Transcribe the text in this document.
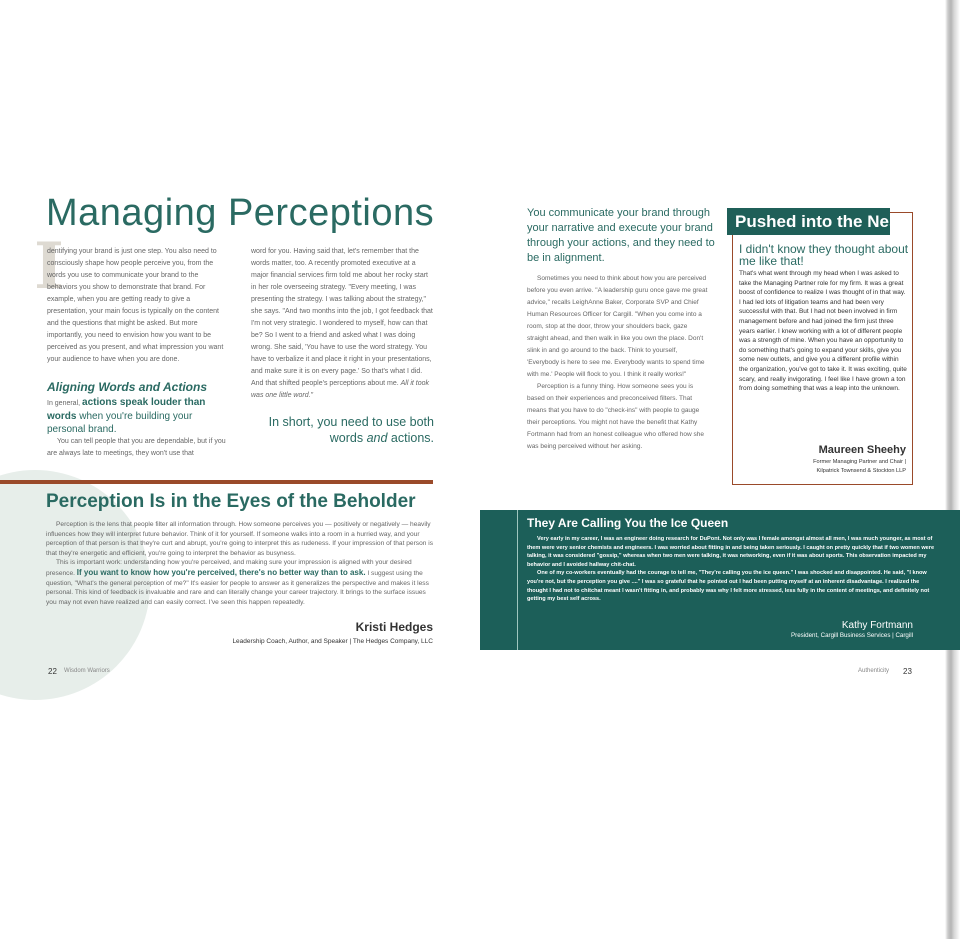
Managing Perceptions
I

dentifying your brand is just one step. You also need to consciously shape how people perceive you, from the words you use to communicate your brand to the behaviors you show to demonstrate that brand. For example, when you are getting ready to give a presentation, your main focus is typically on the content and the questions that might be asked. But more importantly, you need to envision how you want to be perceived as you present, and what impression you want your audience to have when you are done.

Aligning Words and Actions
In general, actions speak louder than
words when you're building your personal brand.

You can tell people that you are dependable, but if you are always late to meetings, they won't use that

word for you. Having said that, let's remember that the words matter, too. A recently promoted executive at a major financial services firm told me about her rocky start in her role overseeing strategy. "Every meeting, I was presenting the strategy. I was talking about the strategy," she says. "And two months into the job, I got feedback that I'm not very strategic. I wondered to myself, how can that be? So I went to a friend and asked what I was doing wrong. She said, 'You have to use the word strategy. You have to verbalize it and place it right in your presentations, and make sure it is on every page.' So that's what I did. And that shifted people's perceptions about me. All it took was one little word."

In short, you need to use both words and actions.
Perception Is in the Eyes of the Beholder

Perception is the lens that people filter all information through. How someone perceives you — positively or negatively — heavily influences how they will interpret future behavior. Think of it for yourself. If someone walks into a room in a hurried way, and your perception of that person is that they're curt and abrupt, you're going to interpret this as rudeness. If your impression of that person is that they're energetic and efficient, you're going to interpret the behavior as busyness.

This is important work: understanding how you're perceived, and making sure your impression is aligned with your desired presence. If you want to know how you're perceived, there's no better way than to ask. I suggest using the question, "What's the general perception of me?" It's easier for people to answer as it generalizes the perspective and makes it less personal. This kind of feedback is invaluable and rare and can literally change your career trajectory. It brings to the surface issues you may not even have realized and can easily correct. I've seen this happen repeatedly.

Kristi Hedges
Leadership Coach, Author, and Speaker | The Hedges Company, LLC
22 Wisdom Warriors
You communicate your brand through your narrative and execute your brand through your actions, and they need to be in alignment.

Sometimes you need to think about how you are perceived before you even arrive. "A leadership guru once gave me great advice," recalls LeighAnne Baker, Corporate SVP and Chief Human Resources Officer for Cargill. "When you come into a room, stop at the door, throw your shoulders back, gaze straight ahead, and then walk in like you own the place. Don't slink in and go around to the back. Think to yourself, 'Everybody is here to see me. Everybody wants to spend time with me.' People will flock to you. I think it really works!"

Perception is a funny thing. How someone sees you is based on their experiences and preconceived filters. That means that you have to do "check-ins" with people to gauge their perceptions. You might not have the benefit that Kathy Fortmann had from an honest colleague who offered how she was being perceived without her asking.

Pushed into the Nest
I didn't know they thought about me like that!
That's what went through my head when I was asked to take the Managing Partner role for my firm. It was a great boost of confidence to realize I was thought of in that way. I had led lots of litigation teams and had been very successful with that. But I had not been involved in firm management before and had joined the firm just three years earlier. I knew working with a lot of different people was a strength of mine. When you have an opportunity to do something that's going to expand your skills, give you some new outlets, and give you a different profile within the organization, you've got to take it. It was exciting, quite scary, and really invigorating. I feel like I have grown a ton from doing something that was a leap into the unknown.
Maureen Sheehy
Former Managing Partner and Chair |
Kilpatrick Townsend & Stockton LLP
They Are Calling You the Ice Queen

Very early in my career, I was an engineer doing research for DuPont. Not only was I female amongst almost all men, I was much younger, as most of them were very senior chemists and engineers. I was worried about fitting in and being taken seriously. I caught on pretty quickly that if two women were talking, it was considered "gossip," whereas when two men were talking, it was networking, even if it was about sports. This observation impacted my behavior and I avoided hallway chit-chat.

One of my co-workers eventually had the courage to tell me, "They're calling you the ice queen." I was shocked and disappointed. He said, "I know you're not, but the perception you give ...." I was so grateful that he pointed out I had been putting myself at an inherent disadvantage. I realized the thought I had not to chitchat meant I wasn't fitting in, and probably was why I felt more stressed, less fully in the content of meetings, and definitely not getting my best self across.

Kathy Fortmann
President, Cargill Business Services | Cargill
Authenticity 23
